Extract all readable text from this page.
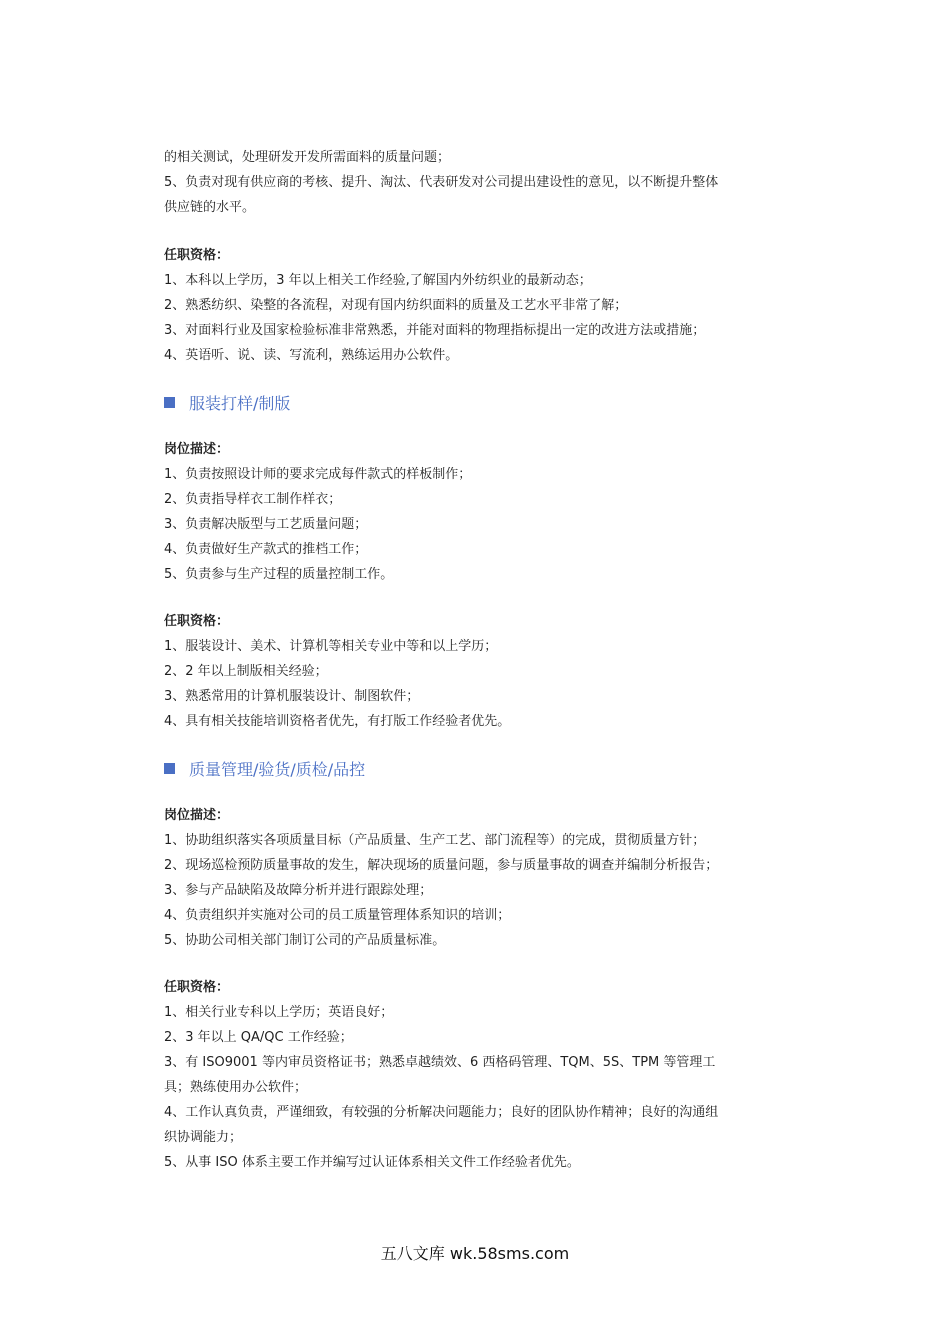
的相关测试，处理研发开发所需面料的质量问题；
5、负责对现有供应商的考核、提升、淘汰、代表研发对公司提出建设性的意见，以不断提升整体
供应链的水平。
任职资格：
1、本科以上学历，3 年以上相关工作经验,了解国内外纺织业的最新动态；
2、熟悉纺织、染整的各流程，对现有国内纺织面料的质量及工艺水平非常了解；
3、对面料行业及国家检验标准非常熟悉，并能对面料的物理指标提出一定的改进方法或措施；
4、英语听、说、读、写流利，熟练运用办公软件。
服装打样/制版
岗位描述：
1、负责按照设计师的要求完成每件款式的样板制作；
2、负责指导样衣工制作样衣；
3、负责解决版型与工艺质量问题；
4、负责做好生产款式的推档工作；
5、负责参与生产过程的质量控制工作。
任职资格：
1、服装设计、美术、计算机等相关专业中等和以上学历；
2、2 年以上制版相关经验；
3、熟悉常用的计算机服装设计、制图软件；
4、具有相关技能培训资格者优先，有打版工作经验者优先。
质量管理/验货/质检/品控
岗位描述：
1、协助组织落实各项质量目标（产品质量、生产工艺、部门流程等）的完成，贯彻质量方针；
2、现场巡检预防质量事故的发生，解决现场的质量问题，参与质量事故的调查并编制分析报告；
3、参与产品缺陷及故障分析并进行跟踪处理；
4、负责组织并实施对公司的员工质量管理体系知识的培训；
5、协助公司相关部门制订公司的产品质量标准。
任职资格：
1、相关行业专科以上学历；英语良好；
2、3 年以上 QA/QC 工作经验；
3、有 ISO9001 等内审员资格证书；熟悉卓越绩效、6 西格码管理、TQM、5S、TPM 等管理工
具；熟练使用办公软件；
4、工作认真负责，严谨细致，有较强的分析解决问题能力；良好的团队协作精神；良好的沟通组
织协调能力；
5、从事 ISO 体系主要工作并编写过认证体系相关文件工作经验者优先。
五八文库 wk.58sms.com
